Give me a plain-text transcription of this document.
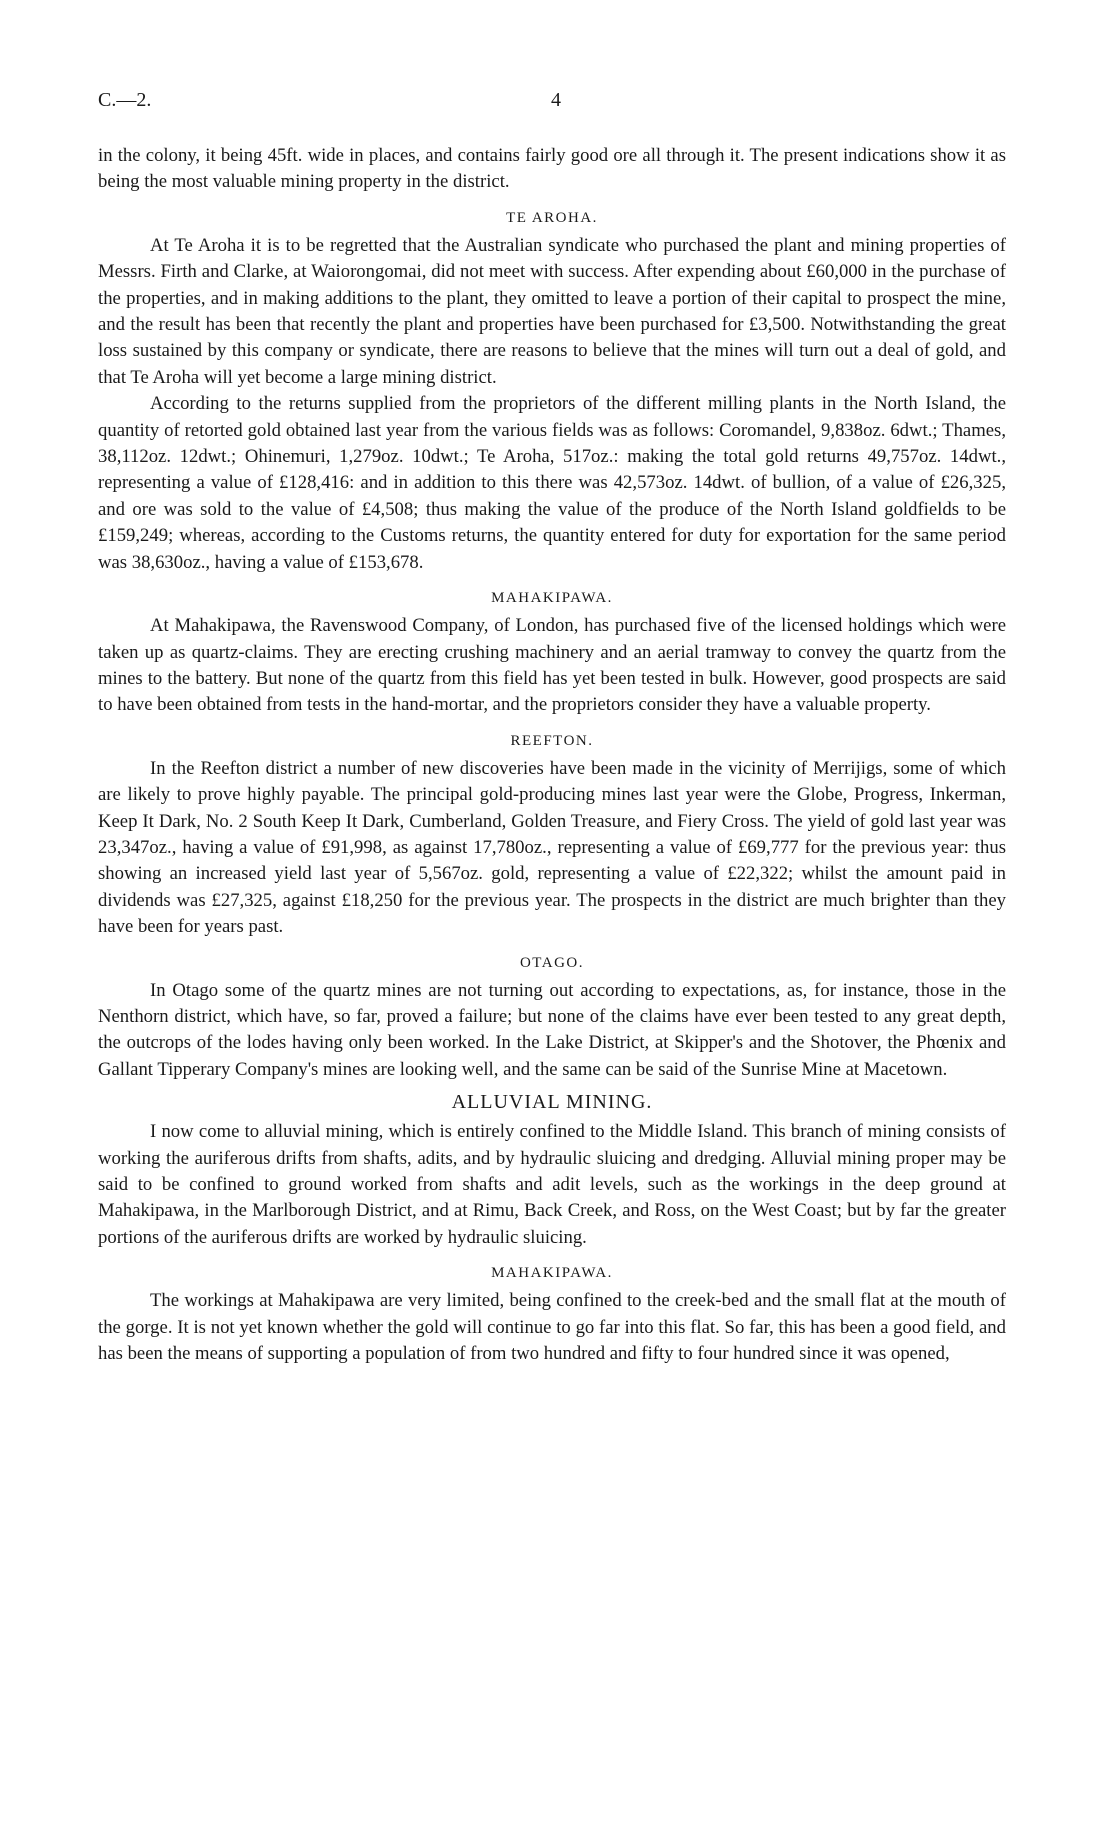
C.—2.	4

in the colony, it being 45ft. wide in places, and contains fairly good ore all through it. The present indications show it as being the most valuable mining property in the district.

TE AROHA.

At Te Aroha it is to be regretted that the Australian syndicate who purchased the plant and mining properties of Messrs. Firth and Clarke, at Waiorongomai, did not meet with success. After expending about £60,000 in the purchase of the properties, and in making additions to the plant, they omitted to leave a portion of their capital to prospect the mine, and the result has been that recently the plant and properties have been purchased for £3,500. Notwithstanding the great loss sustained by this company or syndicate, there are reasons to believe that the mines will turn out a deal of gold, and that Te Aroha will yet become a large mining district.

According to the returns supplied from the proprietors of the different milling plants in the North Island, the quantity of retorted gold obtained last year from the various fields was as follows: Coromandel, 9,838oz. 6dwt.; Thames, 38,112oz. 12dwt.; Ohinemuri, 1,279oz. 10dwt.; Te Aroha, 517oz.: making the total gold returns 49,757oz. 14dwt., representing a value of £128,416: and in addition to this there was 42,573oz. 14dwt. of bullion, of a value of £26,325, and ore was sold to the value of £4,508; thus making the value of the produce of the North Island goldfields to be £159,249; whereas, according to the Customs returns, the quantity entered for duty for exportation for the same period was 38,630oz., having a value of £153,678.

MAHAKIPAWA.

At Mahakipawa, the Ravenswood Company, of London, has purchased five of the licensed holdings which were taken up as quartz-claims. They are erecting crushing machinery and an aerial tramway to convey the quartz from the mines to the battery. But none of the quartz from this field has yet been tested in bulk. However, good prospects are said to have been obtained from tests in the hand-mortar, and the proprietors consider they have a valuable property.

REEFTON.

In the Reefton district a number of new discoveries have been made in the vicinity of Merrijigs, some of which are likely to prove highly payable. The principal gold-producing mines last year were the Globe, Progress, Inkerman, Keep It Dark, No. 2 South Keep It Dark, Cumberland, Golden Treasure, and Fiery Cross. The yield of gold last year was 23,347oz., having a value of £91,998, as against 17,780oz., representing a value of £69,777 for the previous year: thus showing an increased yield last year of 5,567oz. gold, representing a value of £22,322; whilst the amount paid in dividends was £27,325, against £18,250 for the previous year. The prospects in the district are much brighter than they have been for years past.

OTAGO.

In Otago some of the quartz mines are not turning out according to expectations, as, for instance, those in the Nenthorn district, which have, so far, proved a failure; but none of the claims have ever been tested to any great depth, the outcrops of the lodes having only been worked. In the Lake District, at Skipper's and the Shotover, the Phœnix and Gallant Tipperary Company's mines are looking well, and the same can be said of the Sunrise Mine at Macetown.

ALLUVIAL MINING.

I now come to alluvial mining, which is entirely confined to the Middle Island. This branch of mining consists of working the auriferous drifts from shafts, adits, and by hydraulic sluicing and dredging. Alluvial mining proper may be said to be confined to ground worked from shafts and adit levels, such as the workings in the deep ground at Mahakipawa, in the Marlborough District, and at Rimu, Back Creek, and Ross, on the West Coast; but by far the greater portions of the auriferous drifts are worked by hydraulic sluicing.

MAHAKIPAWA.

The workings at Mahakipawa are very limited, being confined to the creek-bed and the small flat at the mouth of the gorge. It is not yet known whether the gold will continue to go far into this flat. So far, this has been a good field, and has been the means of supporting a population of from two hundred and fifty to four hundred since it was opened,
